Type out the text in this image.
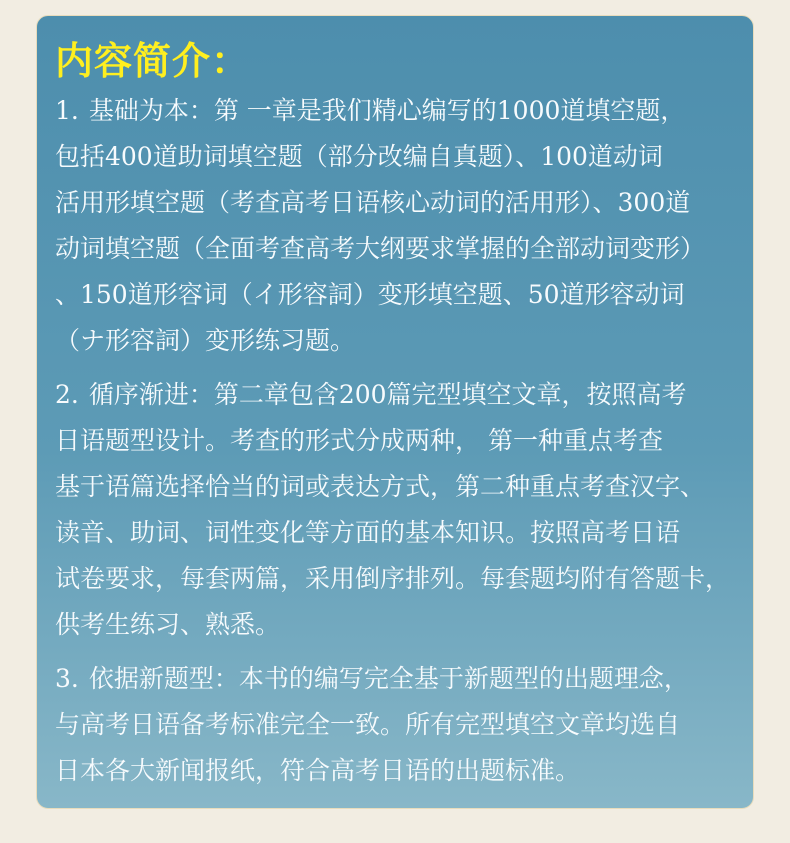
内容简介：
1. 基础为本：第 一章是我们精心编写的1000道填空题，
包括400道助词填空题（部分改编自真题）、100道动词
活用形填空题（考查高考日语核心动词的活用形）、300道
动词填空题（全面考查高考大纲要求掌握的全部动词变形）
、150道形容词（イ形容詞）变形填空题、50道形容动词
（ナ形容詞）变形练习题。
2. 循序渐进：第二章包含200篇完型填空文章，按照高考
日语题型设计。考查的形式分成两种， 第一种重点考查
基于语篇选择恰当的词或表达方式，第二种重点考查汉字、
读音、助词、词性变化等方面的基本知识。按照高考日语
试卷要求，每套两篇，采用倒序排列。每套题均附有答题卡，
供考生练习、熟悉。
3. 依据新题型：本书的编写完全基于新题型的出题理念，
与高考日语备考标准完全一致。所有完型填空文章均选自
日本各大新闻报纸，符合高考日语的出题标准。
